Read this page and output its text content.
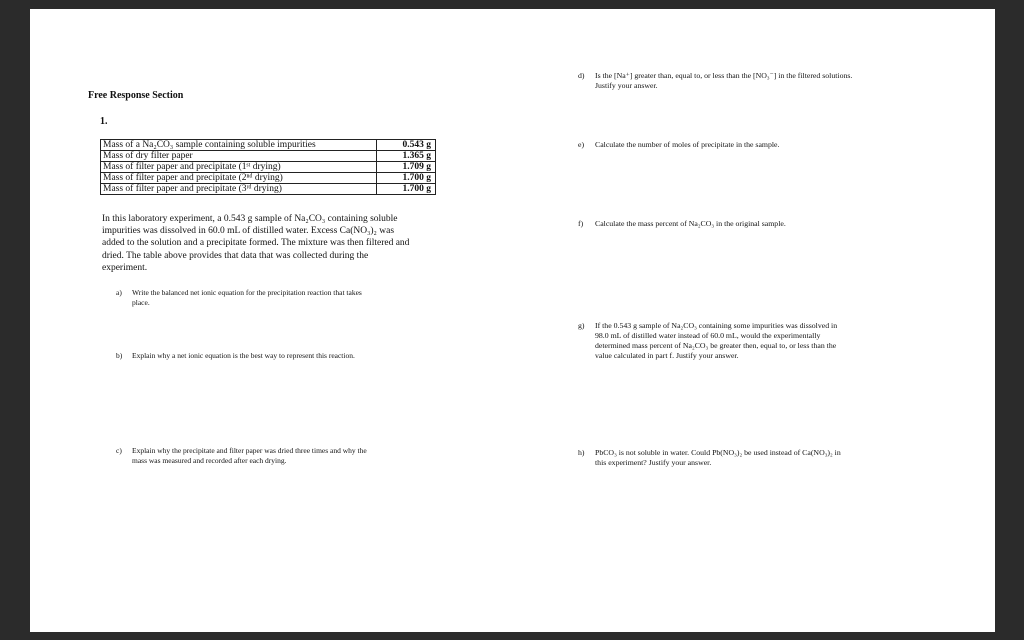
Free Response Section
1.
Mass of a Na₂CO₃ sample containing soluble impurities	0.543 g
Mass of dry filter paper	1.365 g
Mass of filter paper and precipitate (1ˢᵗ drying)	1.709 g
Mass of filter paper and precipitate (2ⁿᵈ drying)	1.700 g
Mass of filter paper and precipitate (3ʳᵈ drying)	1.700 g
In this laboratory experiment, a 0.543 g sample of Na₂CO₃ containing soluble impurities was dissolved in 60.0 mL of distilled water. Excess Ca(NO₃)₂ was added to the solution and a precipitate formed. The mixture was then filtered and dried. The table above provides that data that was collected during the experiment.
a) Write the balanced net ionic equation for the precipitation reaction that takes
place.
b) Explain why a net ionic equation is the best way to represent this reaction.
c) Explain why the precipitate and filter paper was dried three times and why the
mass was measured and recorded after each drying.
d) Is the [Na⁺] greater than, equal to, or less than the [NO₃⁻] in the filtered solutions.
Justify your answer.
e) Calculate the number of moles of precipitate in the sample.
f) Calculate the mass percent of Na₂CO₃ in the original sample.
g) If the 0.543 g sample of Na₂CO₃ containing some impurities was dissolved in
98.0 mL of distilled water instead of 60.0 mL, would the experimentally
determined mass percent of Na₂CO₃ be greater then, equal to, or less than the
value calculated in part f. Justify your answer.
h) PbCO₃ is not soluble in water. Could Pb(NO₃)₂ be used instead of Ca(NO₃)₂ in
this experiment? Justify your answer.
